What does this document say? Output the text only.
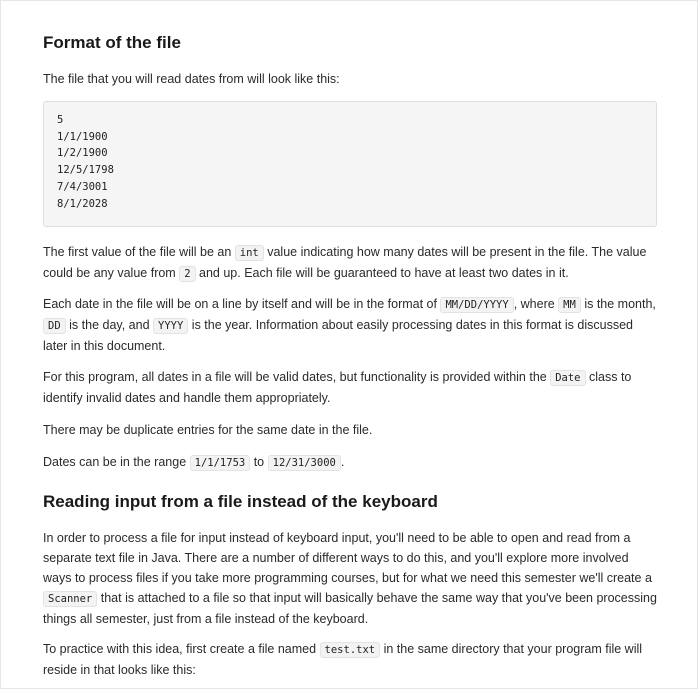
Format of the file

The file that you will read dates from will look like this:

5
1/1/1900
1/2/1900
12/5/1798
7/4/3001
8/1/2028

The first value of the file will be an int value indicating how many dates will be present in the file. The value could be any value from 2 and up. Each file will be guaranteed to have at least two dates in it.

Each date in the file will be on a line by itself and will be in the format of MM/DD/YYYY , where MM is the month, DD is the day, and YYYY is the year. Information about easily processing dates in this format is discussed later in this document.

For this program, all dates in a file will be valid dates, but functionality is provided within the Date class to identify invalid dates and handle them appropriately.

There may be duplicate entries for the same date in the file.

Dates can be in the range 1/1/1753 to 12/31/3000 .

Reading input from a file instead of the keyboard

In order to process a file for input instead of keyboard input, you'll need to be able to open and read from a separate text file in Java. There are a number of different ways to do this, and you'll explore more involved ways to process files if you take more programming courses, but for what we need this semester we'll create a Scanner that is attached to a file so that input will basically behave the same way that you've been processing things all semester, just from a file instead of the keyboard.

To practice with this idea, first create a file named test.txt in the same directory that your program file will reside in that looks like this:
